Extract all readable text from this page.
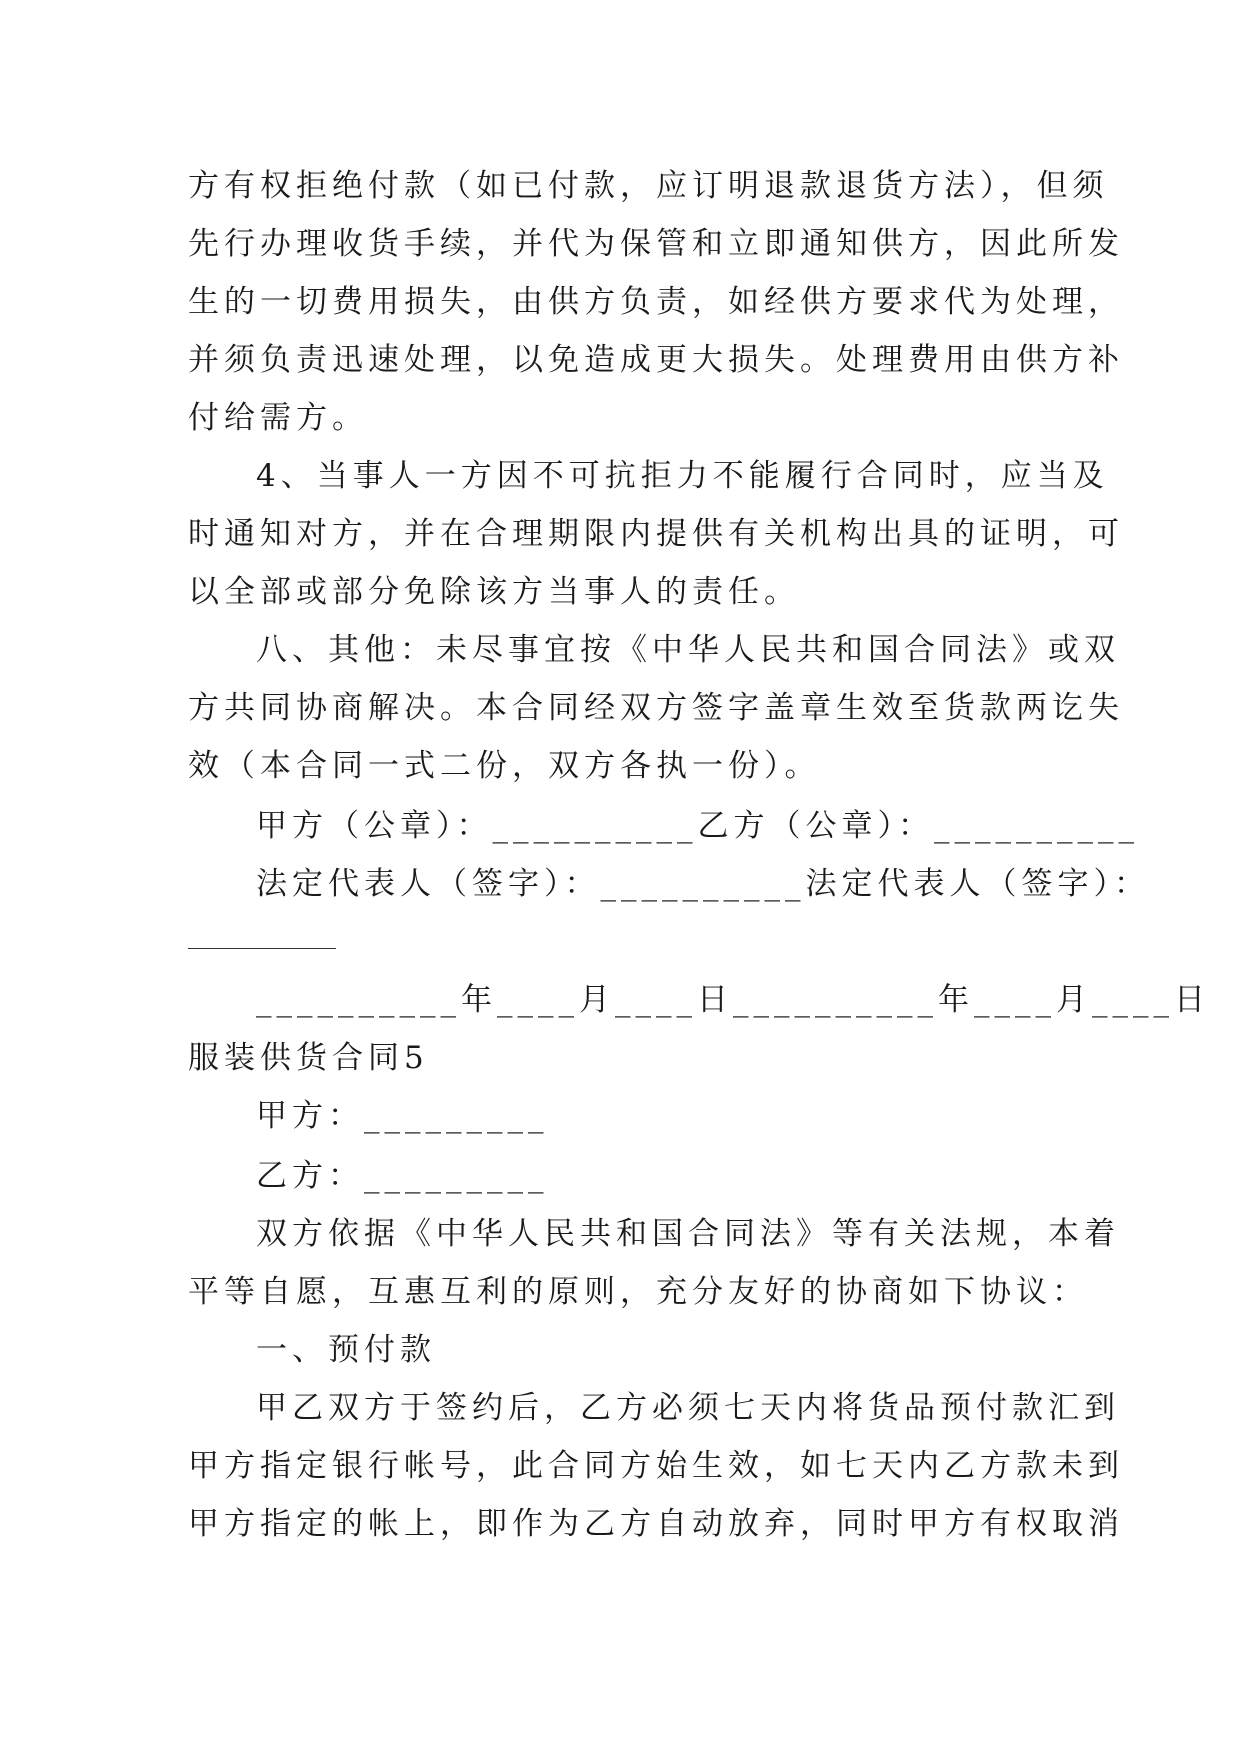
方有权拒绝付款（如已付款，应订明退款退货方法），但须
先行办理收货手续，并代为保管和立即通知供方，因此所发
生的一切费用损失，由供方负责，如经供方要求代为处理，
并须负责迅速处理，以免造成更大损失。处理费用由供方补
付给需方。
4、当事人一方因不可抗拒力不能履行合同时，应当及
时通知对方，并在合理期限内提供有关机构出具的证明，可
以全部或部分免除该方当事人的责任。
八、其他：未尽事宜按《中华人民共和国合同法》或双
方共同协商解决。本合同经双方签字盖章生效至货款两讫失
效（本合同一式二份，双方各执一份）。
甲方（公章）：__________乙方（公章）：__________
法定代表人（签字）：__________法定代表人（签字）：
__________年____月____日__________年____月____日
服装供货合同5
甲方：_________
乙方：_________
双方依据《中华人民共和国合同法》等有关法规，本着
平等自愿，互惠互利的原则，充分友好的协商如下协议：
一、预付款
甲乙双方于签约后，乙方必须七天内将货品预付款汇到
甲方指定银行帐号，此合同方始生效，如七天内乙方款未到
甲方指定的帐上，即作为乙方自动放弃，同时甲方有权取消
